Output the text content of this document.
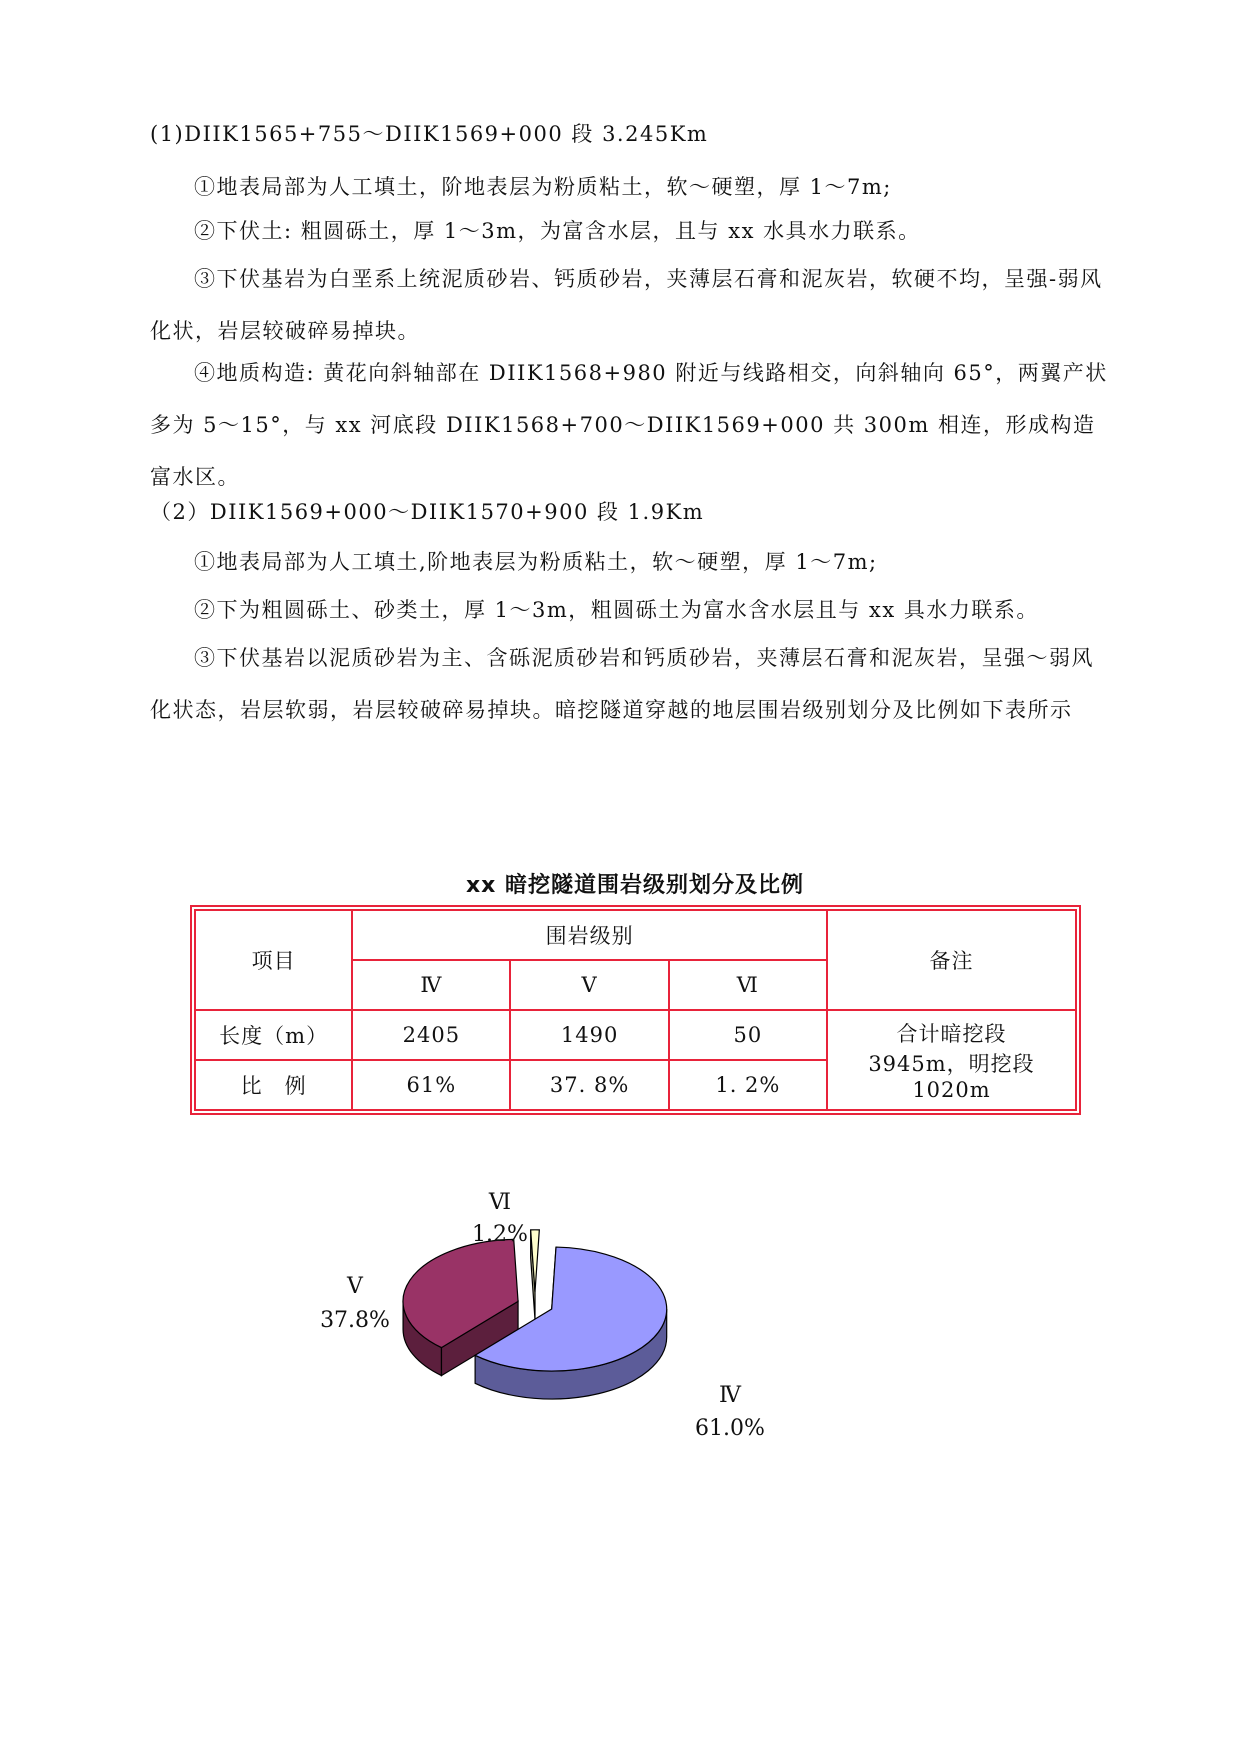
(1)DIIK1565+755～DIIK1569+000 段 3.245Km

①地表局部为人工填土，阶地表层为粉质粘土，软～硬塑，厚 1～7m;

②下伏土: 粗圆砾土，厚 1～3m，为富含水层，且与 xx 水具水力联系。

③下伏基岩为白垩系上统泥质砂岩、钙质砂岩，夹薄层石膏和泥灰岩，软硬不均，呈强-弱风化状，岩层较破碎易掉块。

④地质构造: 黄花向斜轴部在 DIIK1568+980 附近与线路相交，向斜轴向 65°，两翼产状多为 5～15°，与 xx 河底段 DIIK1568+700～DIIK1569+000 共 300m 相连，形成构造富水区。

（2）DIIK1569+000～DIIK1570+900 段 1.9Km

①地表局部为人工填土,阶地表层为粉质粘土，软～硬塑，厚 1～7m;

②下为粗圆砾土、砂类土，厚 1～3m，粗圆砾土为富水含水层且与 xx 具水力联系。

③下伏基岩以泥质砂岩为主、含砾泥质砂岩和钙质砂岩，夹薄层石膏和泥灰岩，呈强～弱风化状态，岩层软弱，岩层较破碎易掉块。暗挖隧道穿越的地层围岩级别划分及比例如下表所示

xx 暗挖隧道围岩级别划分及比例
项目	围岩级别			备注
	Ⅳ	Ⅴ	Ⅵ	
长度（m）	2405	1490	50	合计暗挖段
3945m，明挖段 1020m

比　例	61%	37. 8%	1. 2%	
Ⅵ
1.2%
Ⅴ
37.8%
Ⅳ
61.0%
